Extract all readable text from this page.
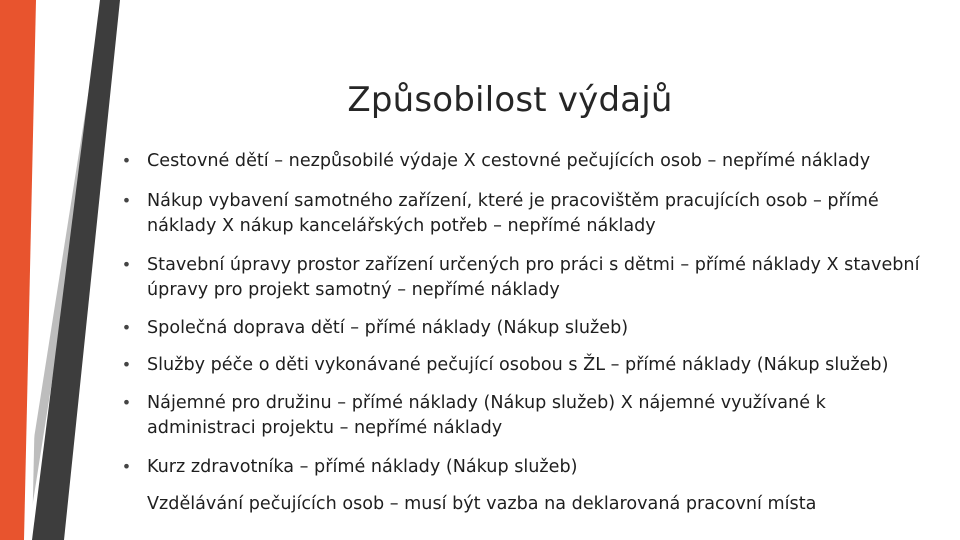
Způsobilost výdajů
• Cestovné dětí – nezpůsobilé výdaje X cestovné pečujících osob – nepřímé náklady
• Nákup vybavení samotného zařízení, které je pracovištěm pracujících osob – přímé náklady X nákup kancelářských potřeb – nepřímé náklady
• Stavební úpravy prostor zařízení určených pro práci s dětmi – přímé náklady X stavební úpravy pro projekt samotný – nepřímé náklady
• Společná doprava dětí – přímé náklady (Nákup služeb)
• Služby péče o děti vykonávané pečující osobou s ŽL – přímé náklady (Nákup služeb)
• Nájemné pro družinu – přímé náklady (Nákup služeb) X nájemné využívané k administraci projektu – nepřímé náklady
• Kurz zdravotníka – přímé náklady (Nákup služeb)
Vzdělávání pečujících osob – musí být vazba na deklarovaná pracovní místa
